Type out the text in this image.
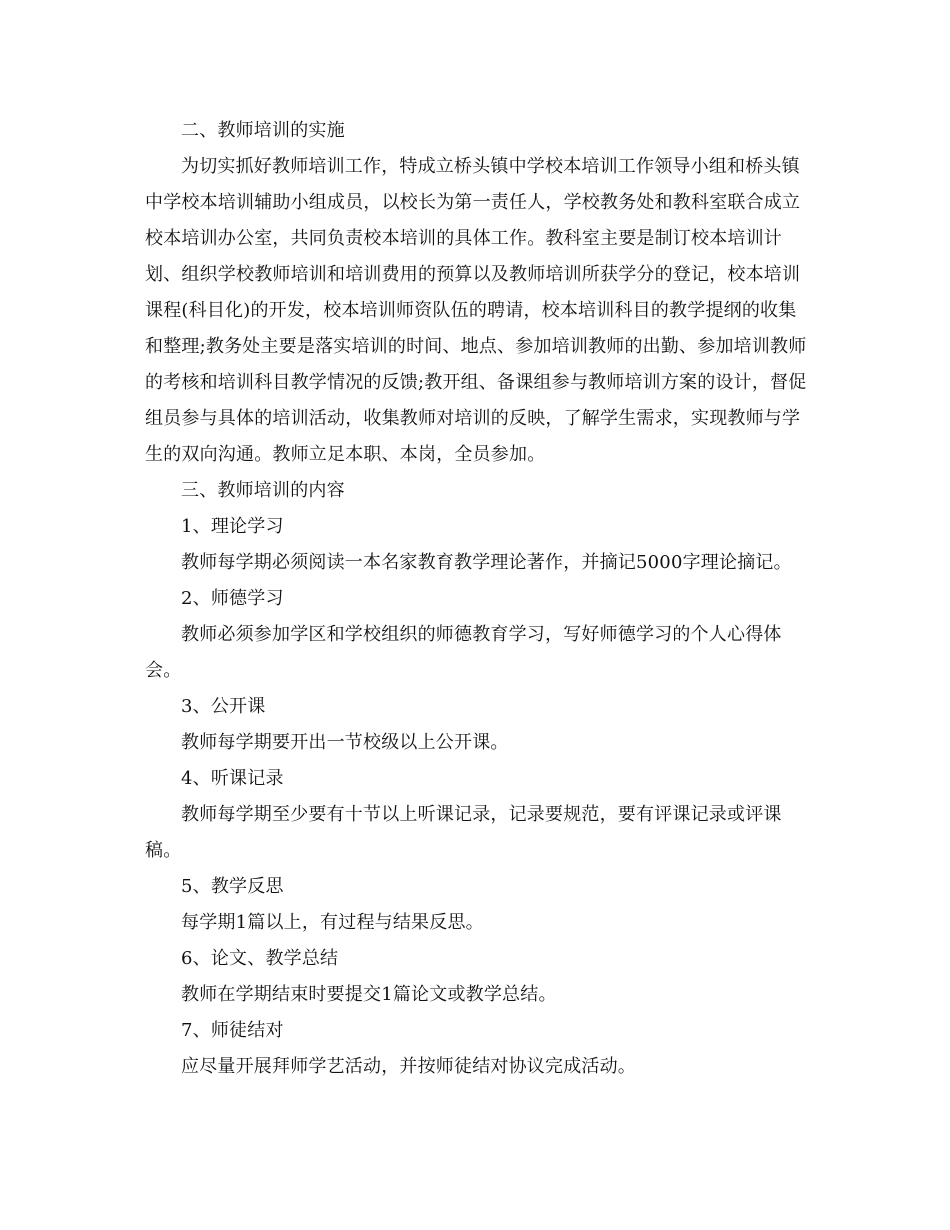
二、教师培训的实施

为切实抓好教师培训工作，特成立桥头镇中学校本培训工作领导小组和桥头镇中学校本培训辅助小组成员，以校长为第一责任人，学校教务处和教科室联合成立校本培训办公室，共同负责校本培训的具体工作。教科室主要是制订校本培训计划、组织学校教师培训和培训费用的预算以及教师培训所获学分的登记，校本培训课程(科目化)的开发，校本培训师资队伍的聘请，校本培训科目的教学提纲的收集和整理;教务处主要是落实培训的时间、地点、参加培训教师的出勤、参加培训教师的考核和培训科目教学情况的反馈;教开组、备课组参与教师培训方案的设计，督促组员参与具体的培训活动，收集教师对培训的反映，了解学生需求，实现教师与学生的双向沟通。教师立足本职、本岗，全员参加。

三、教师培训的内容

1、理论学习

教师每学期必须阅读一本名家教育教学理论著作，并摘记5000字理论摘记。

2、师德学习

教师必须参加学区和学校组织的师德教育学习，写好师德学习的个人心得体会。

3、公开课

教师每学期要开出一节校级以上公开课。

4、听课记录

教师每学期至少要有十节以上听课记录，记录要规范，要有评课记录或评课稿。

5、教学反思

每学期1篇以上，有过程与结果反思。

6、论文、教学总结

教师在学期结束时要提交1篇论文或教学总结。

7、师徒结对

应尽量开展拜师学艺活动，并按师徒结对协议完成活动。
